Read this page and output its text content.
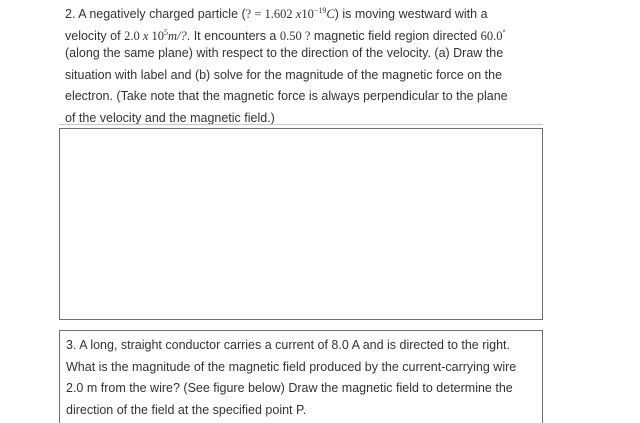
2. A negatively charged particle (? = 1.602 $x10^{-19}C$) is moving westward with a
velocity of 2.0 x $10^5m/$?. It encounters a 0.50 ? magnetic field region directed 60.0°
(along the same plane) with respect to the direction of the velocity. (a) Draw the
situation with label and (b) solve for the magnitude of the magnetic force on the
electron. (Take note that the magnetic force is always perpendicular to the plane
of the velocity and the magnetic field.)
3. A long, straight conductor carries a current of 8.0 A and is directed to the right.
What is the magnitude of the magnetic field produced by the current-carrying wire
2.0 m from the wire? (See figure below) Draw the magnetic field to determine the
direction of the field at the specified point P.
